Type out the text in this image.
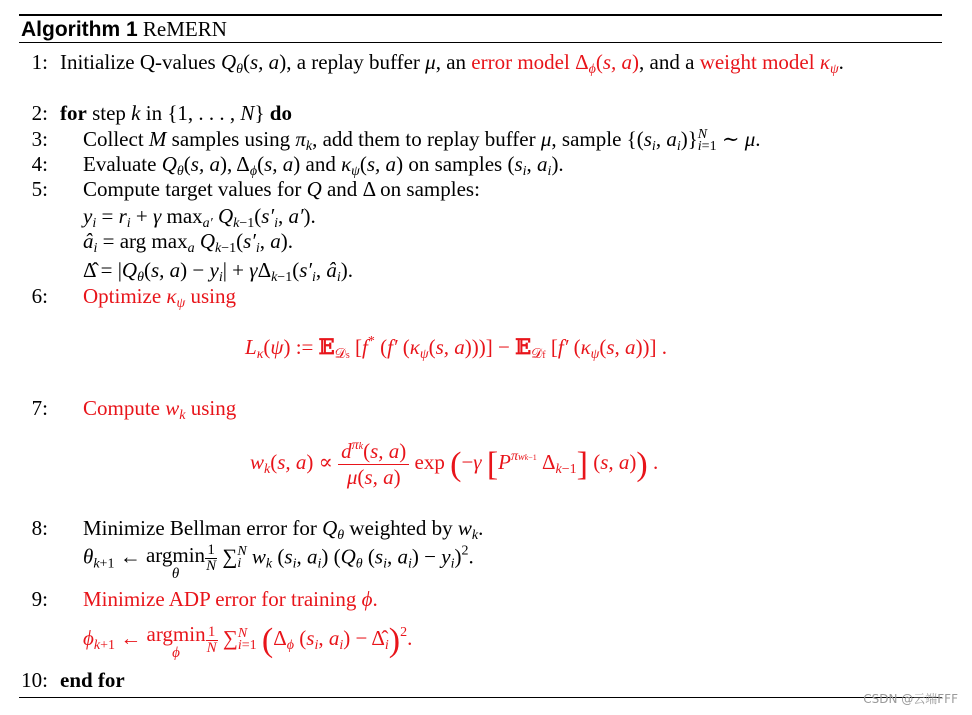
Algorithm 1 ReMERN
1: Initialize Q-values $Q_\theta(s$, a), a replay buffer μ, an error model $\Delta_\phi(s$, a), and a weight model $\kappa_\psi$.
2: for step k in {1, . . . , N} do
3: Collect M samples using $\pi_k$, add them to replay buffer μ, sample {($s_i$, $a_i)\}N$
i=1 ∼ μ.
4: Evaluate $Q_\theta(s$, a), $\Delta_\phi(s$, a) and $\kappa_\psi(s$, a) on samples ($s_i$, $a_i$).
5: Compute target values for Q and Δ on samples:
$y_i = r_i + \gamma$ $\max_{a'} Q_{k-1}(s'_i$, a′).
$â_i$ = arg $\max_a Q_{k-1}(s'_i$, a).
Δ̂ = $|Q_\theta(s$, $a) - y_i| + \gamma\Delta_{k-1}(s'_i$, $â_i$).
6: Optimize $\kappa_\psi$ using
$L_\kappa(\psi)$ := 𝔼$_{𝒟s}$ [f* (f′ ($\kappa_\psi(s$, a)))] − 𝔼$_{𝒟f}$ [f′ ($\kappa_\psi(s$, a))] .
7: Compute $w_k$ using
$w_k(s$, $a) \propto \frac{d^{\pi k}(s, a)}{\mu(s, a)}$ exp (−γ [$P^{\pi wk-1}$ $\Delta_{k-1}$] (s, a)) .
8: Minimize Bellman error for $Q_\theta$ weighted by $w_k$.
$\theta_{k+1}$ ← argmin
θ	$\frac{1}{N} \sum N$
i $w_k$ ($s_i$, $a_i$) ($Q_\theta$ ($s_i$, $a_i) - y_i)^2$.
9: Minimize ADP error for training ϕ.
$\phi_{k+1}$ ← argmin
ϕ	$\frac{1}{N} \sum N$
i=1 ($\Delta_\phi$ ($s_i$, $a_i$) − $\Deltâ_i)^2$.
10: end for
CSDN @云端FFF
